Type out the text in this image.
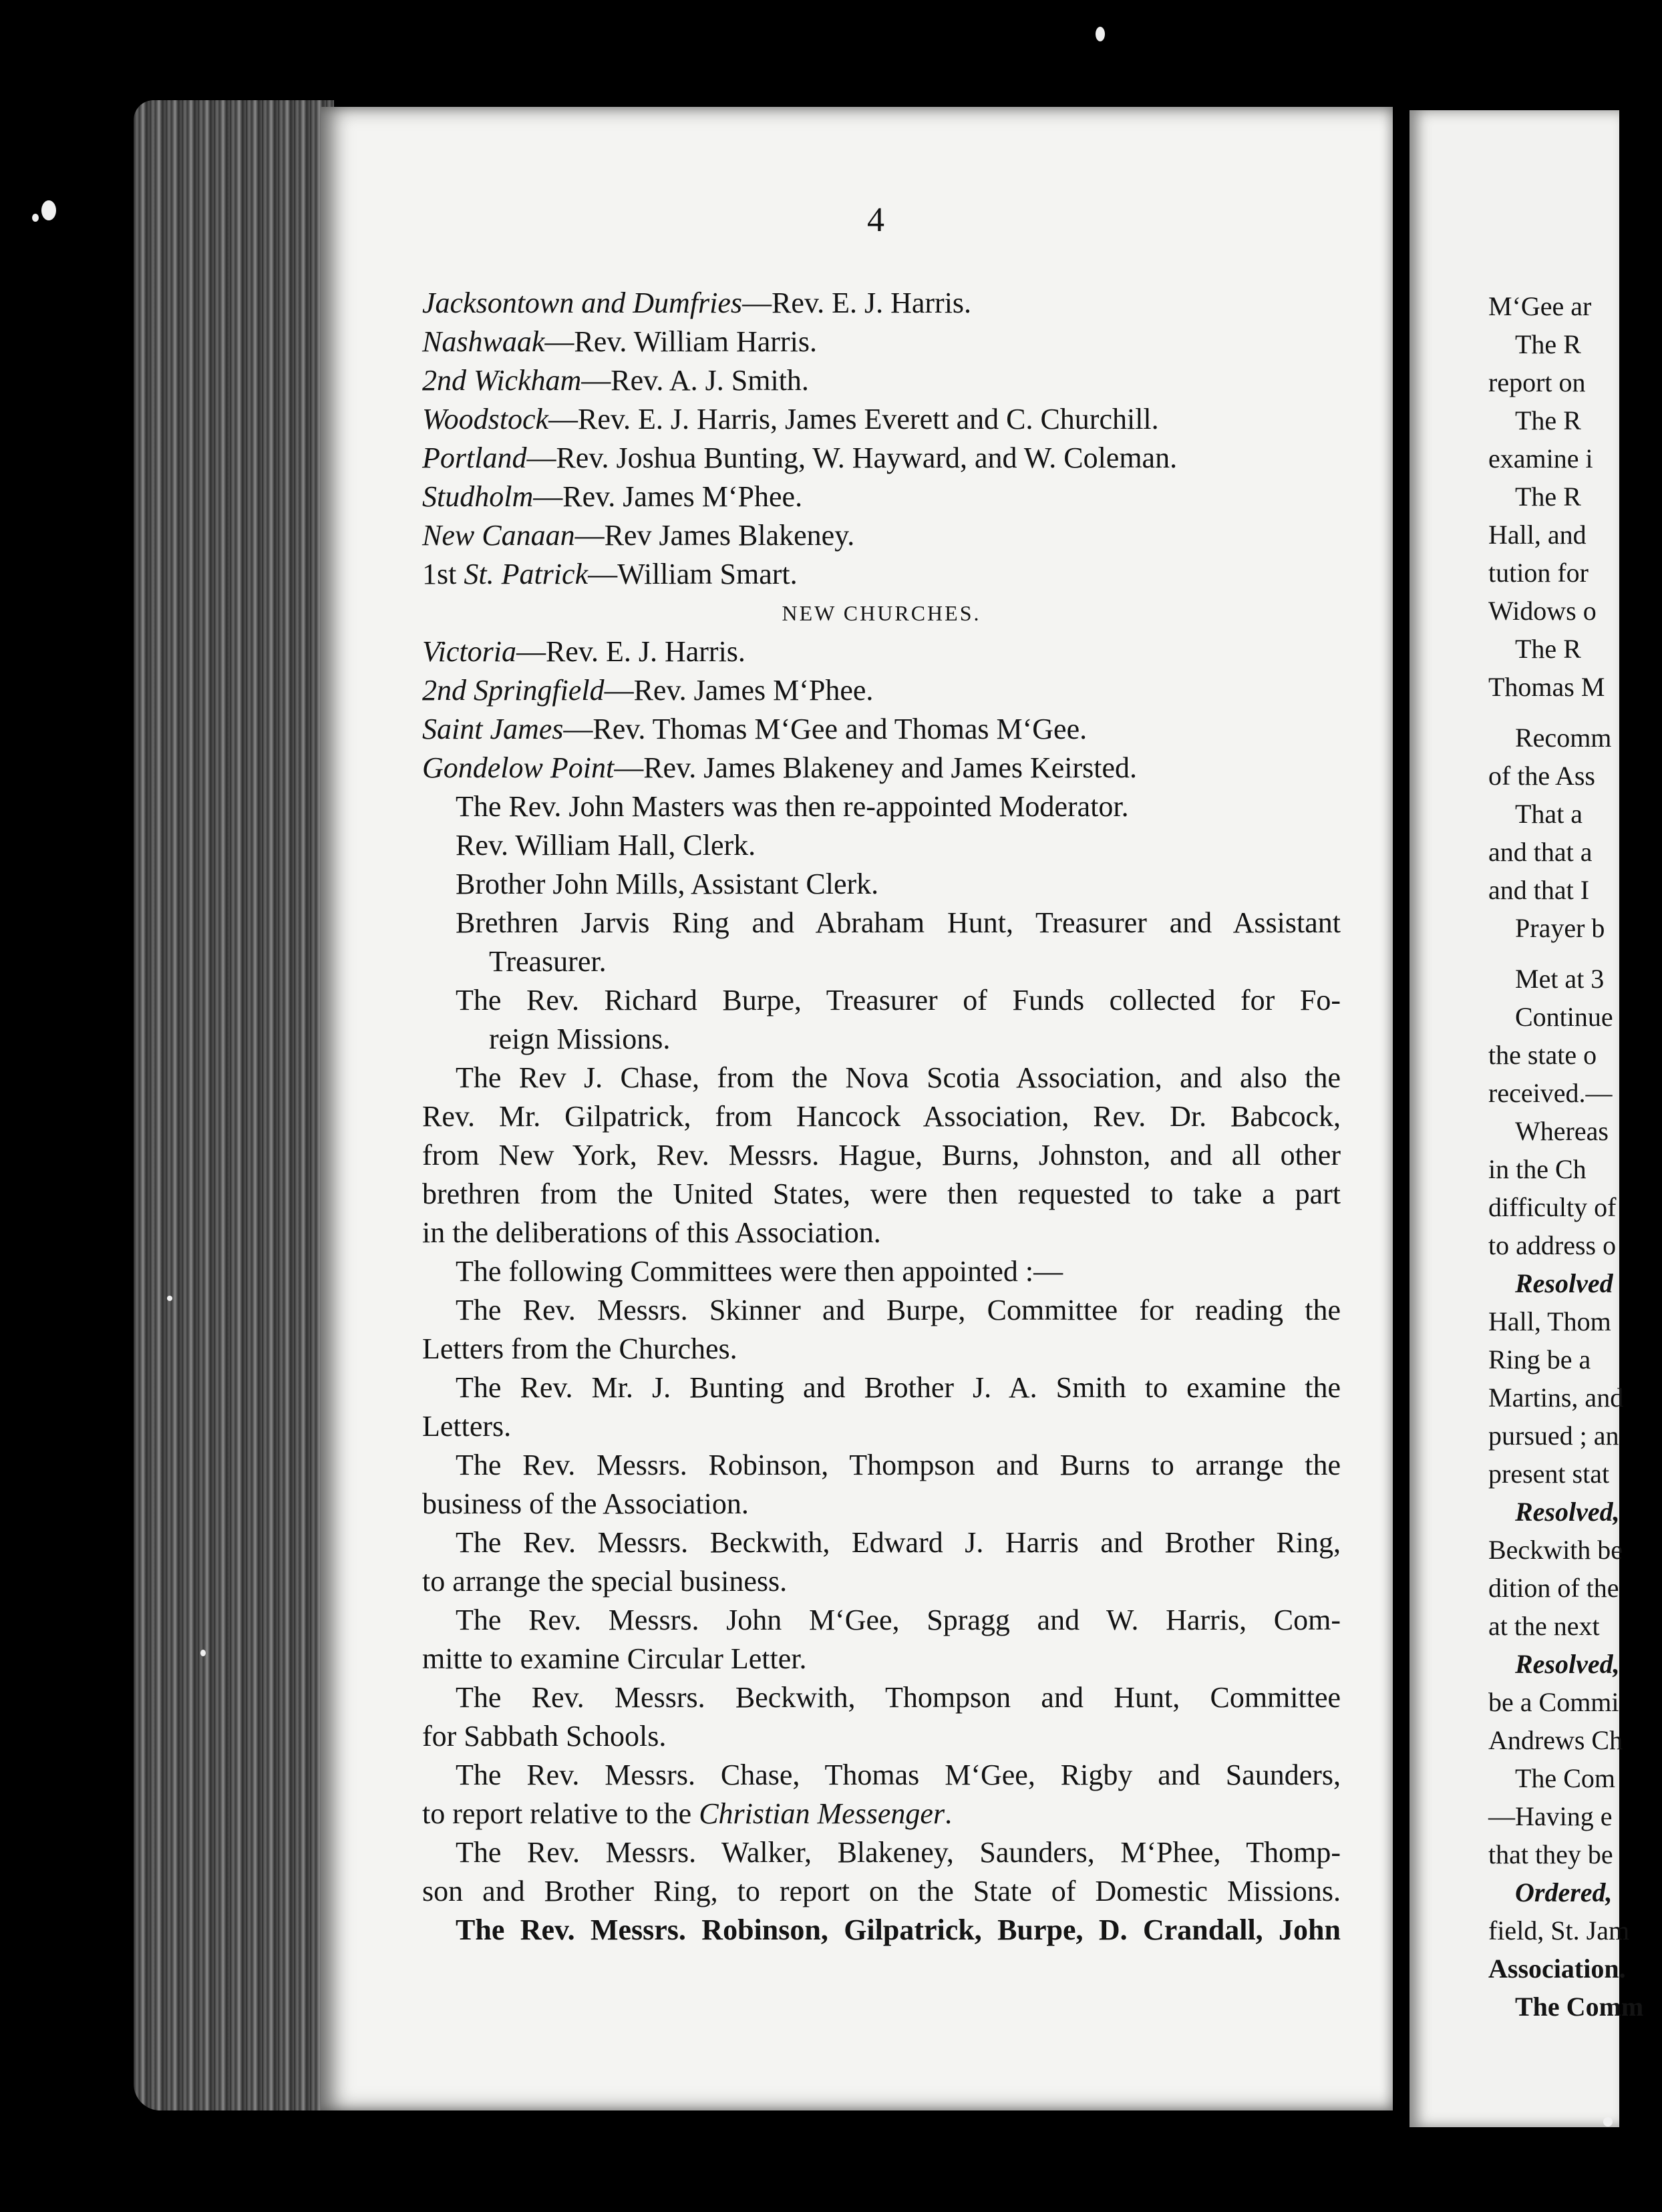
4
Jacksontown and Dumfries—Rev. E. J. Harris.
Nashwaak—Rev. William Harris.
2nd Wickham—Rev. A. J. Smith.
Woodstock—Rev. E. J. Harris, James Everett and C. Churchill.
Portland—Rev. Joshua Bunting, W. Hayward, and W. Coleman.
Studholm—Rev. James M‘Phee.
New Canaan—Rev James Blakeney.
1st St. Patrick—William Smart.
NEW CHURCHES.
Victoria—Rev. E. J. Harris.
2nd Springfield—Rev. James M‘Phee.
Saint James—Rev. Thomas M‘Gee and Thomas M‘Gee.
Gondelow Point—Rev. James Blakeney and James Keirsted.
The Rev. John Masters was then re-appointed Moderator.
Rev. William Hall, Clerk.
Brother John Mills, Assistant Clerk.
Brethren Jarvis Ring and Abraham Hunt, Treasurer and Assistant
Treasurer.
The Rev. Richard Burpe, Treasurer of Funds collected for Fo-
reign Missions.
The Rev J. Chase, from the Nova Scotia Association, and also the
Rev. Mr. Gilpatrick, from Hancock Association, Rev. Dr. Babcock,
from New York, Rev. Messrs. Hague, Burns, Johnston, and all other
brethren from the United States, were then requested to take a part
in the deliberations of this Association.
The following Committees were then appointed :—
The Rev. Messrs. Skinner and Burpe, Committee for reading the
Letters from the Churches.
The Rev. Mr. J. Bunting and Brother J. A. Smith to examine the
Letters.
The Rev. Messrs. Robinson, Thompson and Burns to arrange the
business of the Association.
The Rev. Messrs. Beckwith, Edward J. Harris and Brother Ring,
to arrange the special business.
The Rev. Messrs. John M‘Gee, Spragg and W. Harris, Com-
mitte to examine Circular Letter.
The Rev. Messrs. Beckwith, Thompson and Hunt, Committee
for Sabbath Schools.
The Rev. Messrs. Chase, Thomas M‘Gee, Rigby and Saunders,
to report relative to the Christian Messenger.
The Rev. Messrs. Walker, Blakeney, Saunders, M‘Phee, Thomp-
son and Brother Ring, to report on the State of Domestic Missions.
The Rev. Messrs. Robinson, Gilpatrick, Burpe, D. Crandall, John
M‘Gee ar
The R
report on
The R
examine i
The R
Hall, and
tution for
Widows o
The R
Thomas M
Recomm
of the Ass
That a
and that a
and that I
Prayer b
Met at 3
Continue
the state o
received.—
Whereas
in the Ch
difficulty of
to address o
Resolved
Hall, Thom
Ring be a
Martins, and
pursued ; an
present stat
Resolved,
Beckwith be
dition of the
at the next
Resolved,
be a Commi
Andrews Ch
The Com
—Having e
that they be
Ordered,
field, St. Jam
Association.
The Comm
